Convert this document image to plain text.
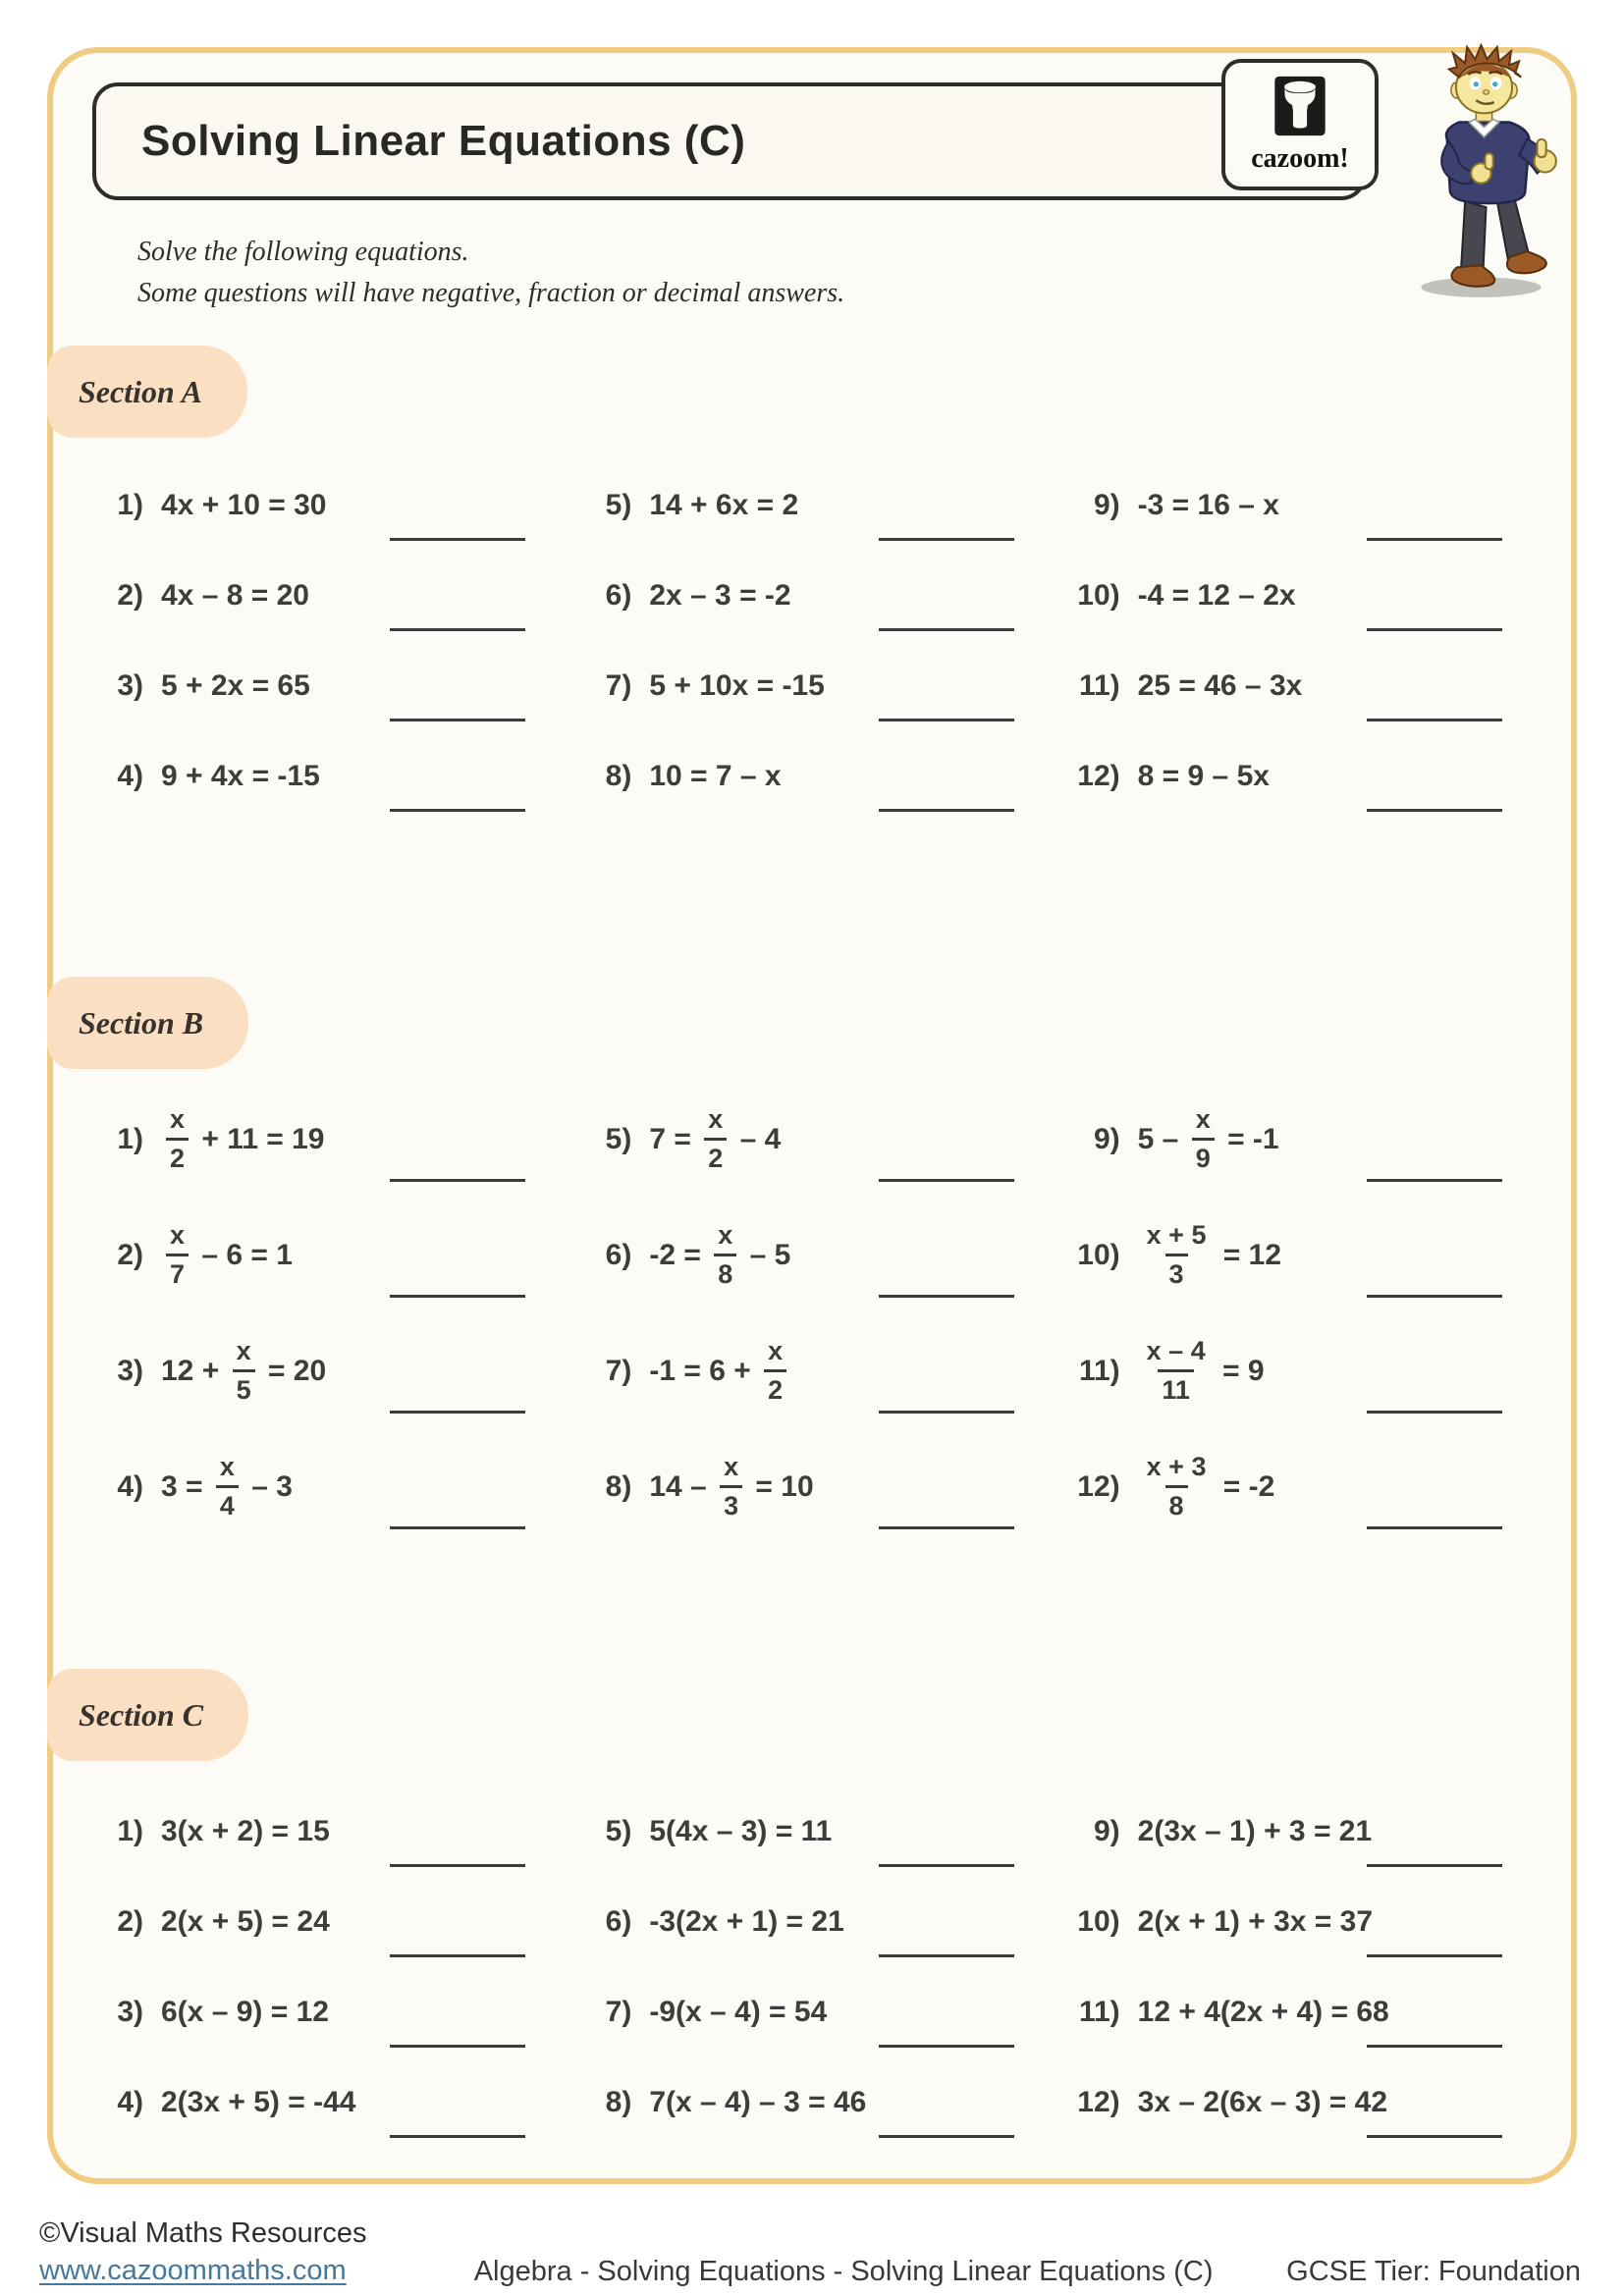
Solving Linear Equations (C)	cazoom!
Solve the following equations.
Some questions will have negative, fraction or decimal answers.
Section A
1) 4x + 10 = 30
2) 4x – 8 = 20
3) 5 + 2x = 65
4) 9 + 4x = -15
5) 14 + 6x = 2
6) 2x – 3 = -2
7) 5 + 10x = -15
8) 10 = 7 – x
9) -3 = 16 – x
10) -4 = 12 – 2x
11) 25 = 46 – 3x
12) 8 = 9 – 5x
Section B
$1) \frac{x}{2} + 11 = 19$
$2) \frac{x}{7} - 6 = 1$
3) $12 + \frac{x}{5} = 20$
4) $3 = \frac{x}{4} - 3$
5) $7 = \frac{x}{2} - 4$
6) $-2 = \frac{x}{8} - 5$
7) $-1 = 6 + \frac{x}{2}$
8) $14 - \frac{x}{3} = 10$
9) $5 - \frac{x}{9} = -1$
$10) \frac{x + 5}{3} = 12$
$11) \frac{x - 4}{11} = 9$
$12) \frac{x + 3}{8} = -2$
Section C
1) 3(x + 2) = 15
2) 2(x + 5) = 24
3) 6(x – 9) = 12
4) 2(3x + 5) = -44
5) 5(4x – 3) = 11
6) -3(2x + 1) = 21
7) -9(x – 4) = 54
8) 7(x – 4) – 3 = 46
9) 2(3x – 1) + 3 = 21
10) 2(x + 1) + 3x = 37
11) 12 + 4(2x + 4) = 68
12) 3x – 2(6x – 3) = 42
©Visual Maths Resources
www.cazoommaths.com	Algebra - Solving Equations - Solving Linear Equations (C)	GCSE Tier: Foundation
